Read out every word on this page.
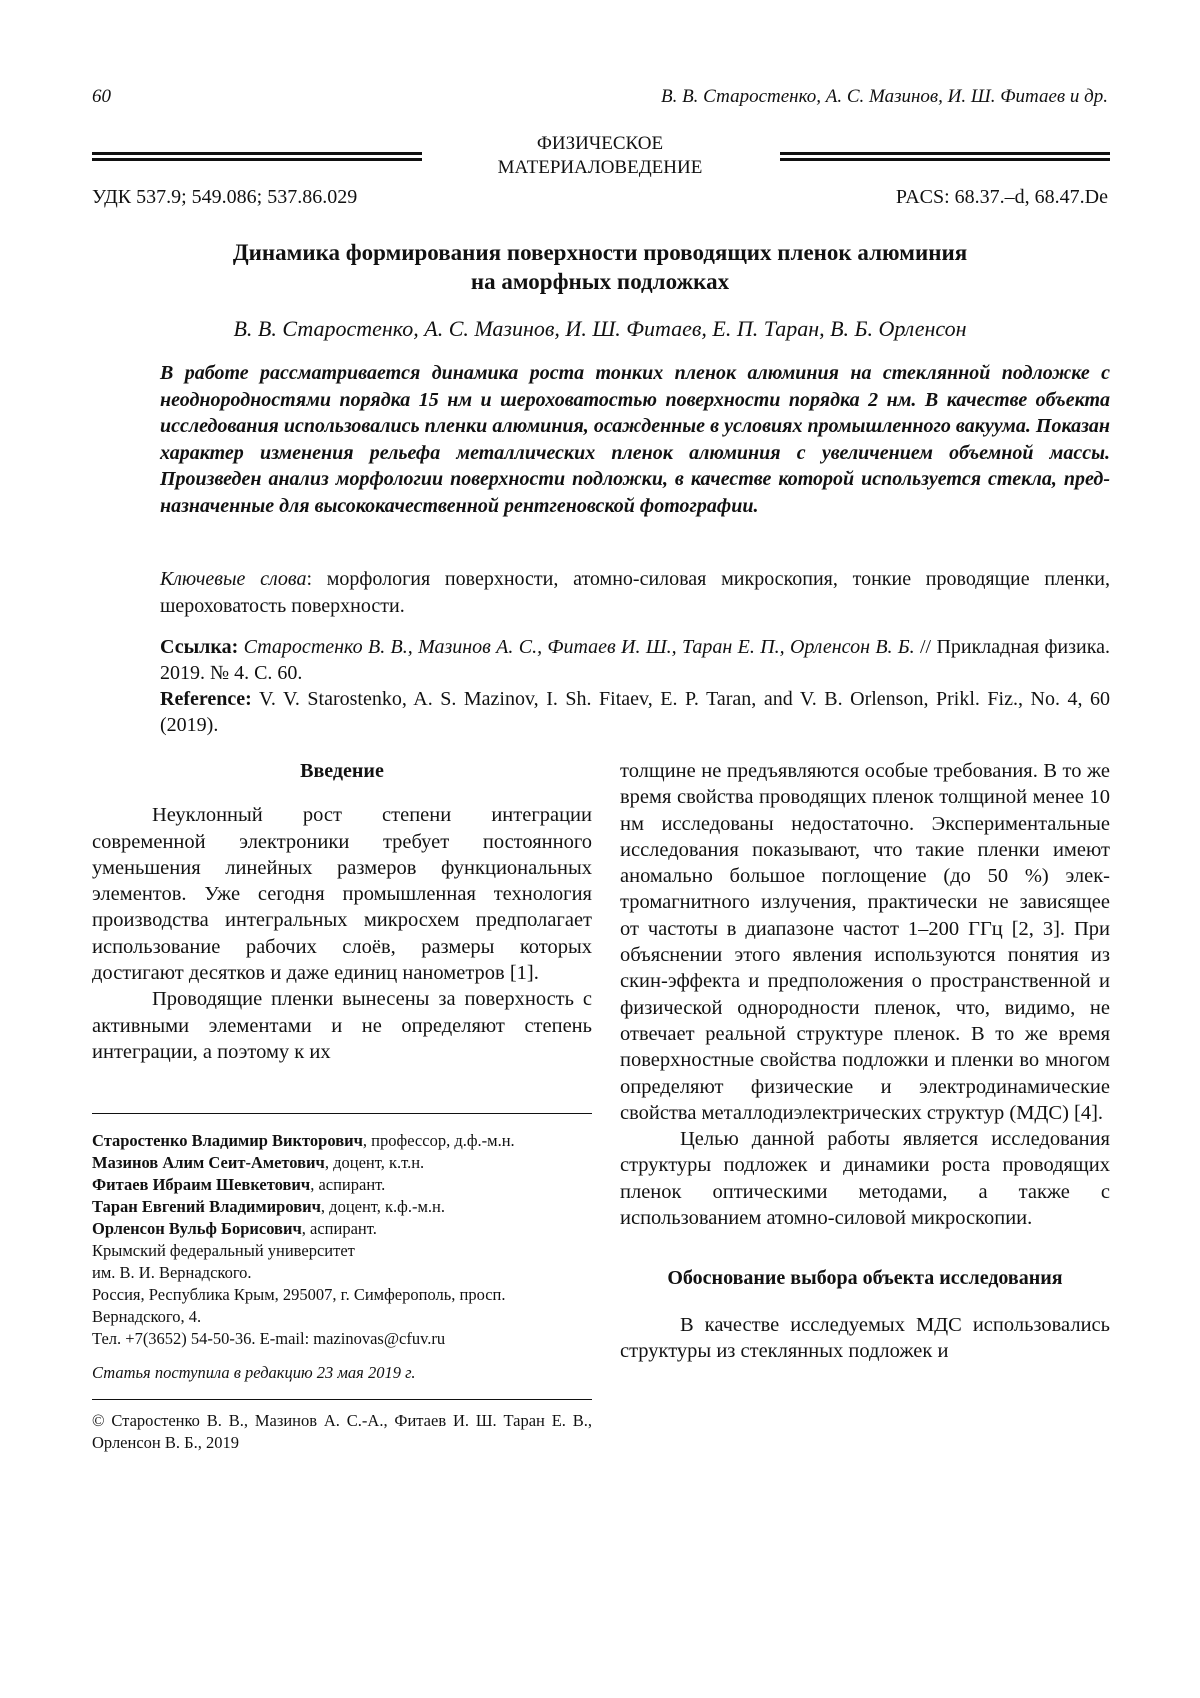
60	В. В. Старостенко, А. С. Мазинов, И. Ш. Фитаев и др.
ФИЗИЧЕСКОЕ
МАТЕРИАЛОВЕДЕНИЕ
УДК 537.9; 549.086; 537.86.029	PACS: 68.37.–d, 68.47.De
Динамика формирования поверхности проводящих пленок алюминия
на аморфных подложках
В. В. Старостенко, А. С. Мазинов, И. Ш. Фитаев, Е. П. Таран, В. Б. Орленсон
В работе рассматривается динамика роста тонких пленок алюминия на стеклянной подложке с неоднородностями порядка 15 нм и шероховатостью поверхности поряд­ка 2 нм. В качестве объекта исследования использовались пленки алюминия, оса­жденные в условиях промышленного вакуума. Показан характер изменения рельефа металлических пленок алюминия с увеличением объемной массы. Произведен анализ морфологии поверхности подложки, в качестве которой используется стекла, пред­назначенные для высококачественной рентгеновской фотографии.
Ключевые слова: морфология поверхности, атомно-силовая микроскопия, тонкие прово­дящие пленки, шероховатость поверхности.
Ссылка: Старостенко В. В., Мазинов А. С., Фитаев И. Ш., Таран Е. П., Орленсон В. Б. // Прикладная физика. 2019. № 4. С. 60.
Reference: V. V. Starostenko, A. S. Mazinov, I. Sh. Fitaev, E. P. Taran, and V. B. Orlenson, Prikl. Fiz., No. 4, 60 (2019).
Введение

Неуклонный рост степени интеграции современной электроники требует постоянно­го уменьшения линейных размеров функцио­нальных элементов. Уже сегодня промышлен­ная технология производства интегральных микросхем предполагает использование рабо­чих слоёв, размеры которых достигают десят­ков и даже единиц нанометров [1].

Проводящие пленки вынесены за по­верхность с активными элементами и не опре­деляют степень интеграции, а поэтому к их

Старостенко Владимир Викторович, профессор, д.ф.-м.н.
Мазинов Алим Сеит-Аметович, доцент, к.т.н.
Фитаев Ибраим Шевкетович, аспирант.
Таран Евгений Владимирович, доцент, к.ф.-м.н.
Орленсон Вульф Борисович, аспирант.
Крымский федеральный университет
им. В. И. Вернадского.
Россия, Республика Крым, 295007, г. Симферополь, просп. Вернадского, 4.
Тел. +7(3652) 54-50-36. E-mail: mazinovas@cfuv.ru
Статья поступила в редакцию 23 мая 2019 г.
© Старостенко В. В., Мазинов А. С.-А., Фитаев И. Ш. Таран Е. В., Орленсон В. Б., 2019

толщине не предъявляются особые требова­ния. В то же время свойства проводящих пле­нок толщиной менее 10 нм исследованы недо­статочно. Экспериментальные исследования показывают, что такие пленки имеют ано­мально большое поглощение (до 50 %) элек­тромагнитного излучения, практически не зависящее от частоты в диапазоне частот 1–200 ГГц [2, 3]. При объяснении этого явления используются понятия из скин-эффекта и предположения о пространственной и физиче­ской однородности пленок, что, видимо, не отвечает реальной структуре пленок. В то же время поверхностные свойства подложки и пленки во многом определяют физические и электродинамические свойства металлоди­электрических структур (МДС) [4].

Целью данной работы является исследо­вания структуры подложек и динамики роста проводящих пленок оптическими методами, а также с использованием атомно-силовой мик­роскопии.

Обоснование выбора объекта исследования

В качестве исследуемых МДС использо­вались структуры из стеклянных подложек и
